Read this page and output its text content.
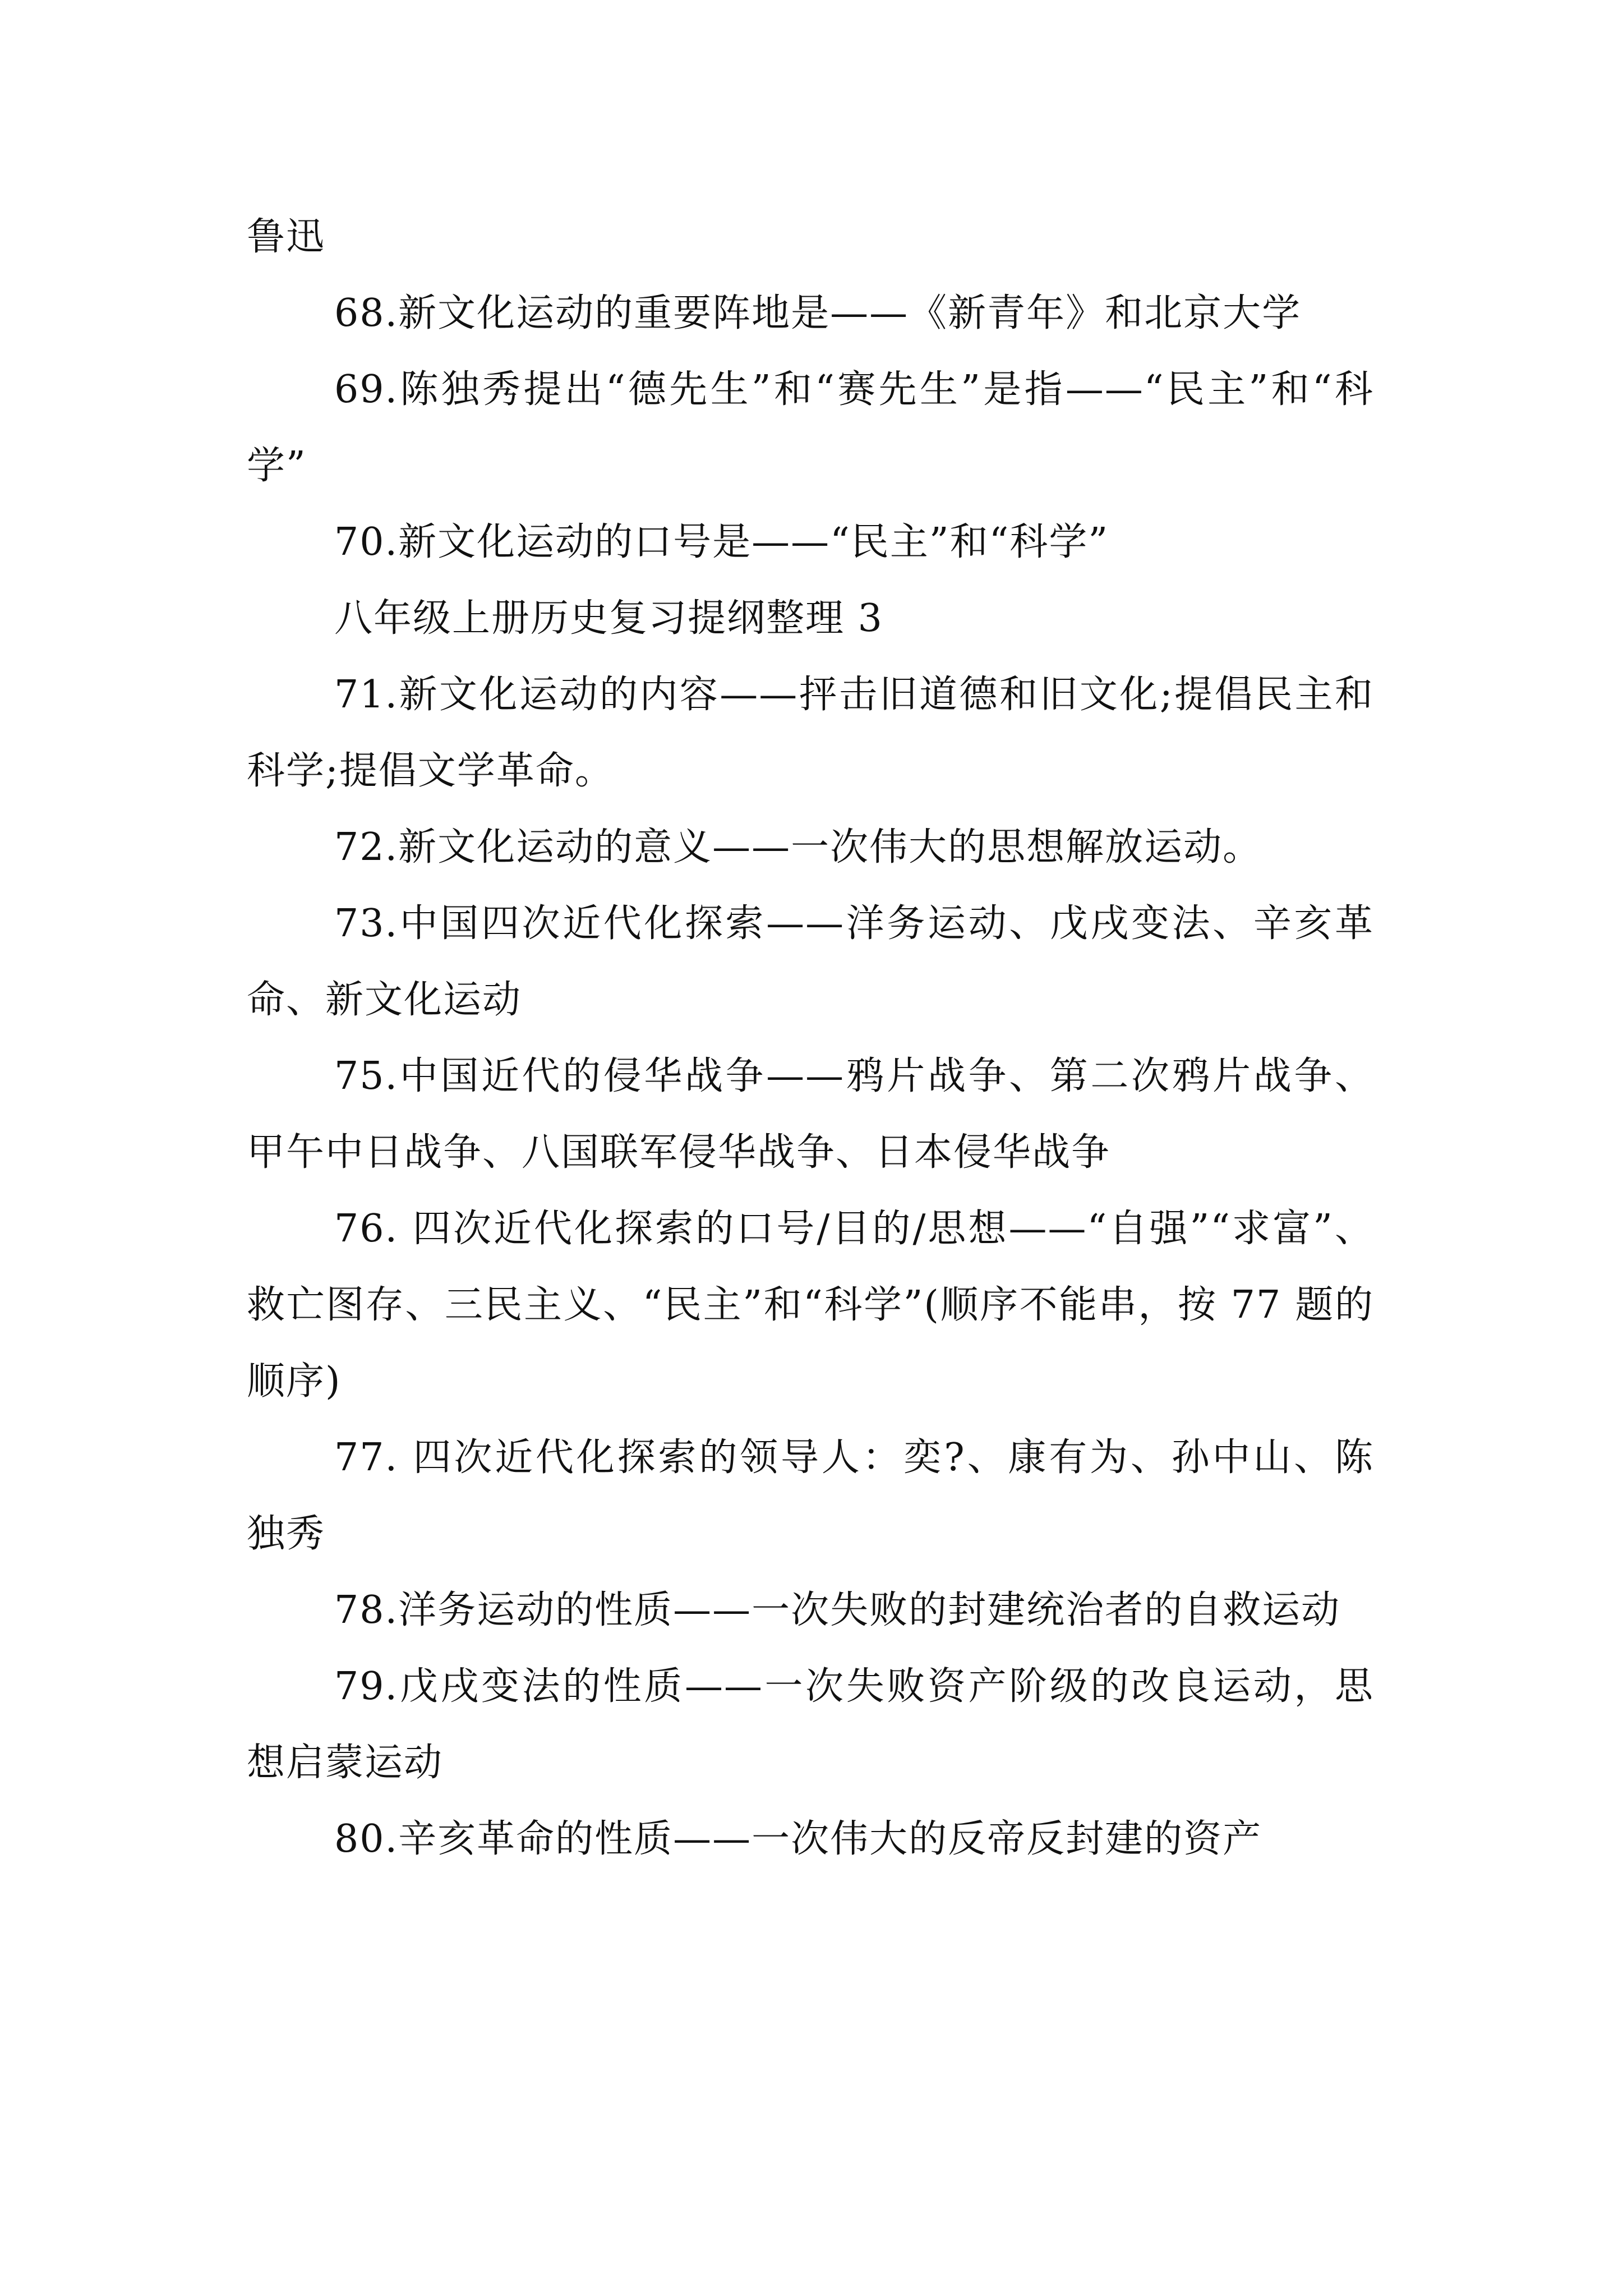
鲁迅

68.新文化运动的重要阵地是——《新青年》和北京大学

69.陈独秀提出“德先生”和“赛先生”是指——“民主”和“科学”

70.新文化运动的口号是——“民主”和“科学”

八年级上册历史复习提纲整理 3

71.新文化运动的内容——抨击旧道德和旧文化;提倡民主和科学;提倡文学革命。

72.新文化运动的意义——一次伟大的思想解放运动。

73.中国四次近代化探索——洋务运动、戊戌变法、辛亥革命、新文化运动

75.中国近代的侵华战争——鸦片战争、第二次鸦片战争、甲午中日战争、八国联军侵华战争、日本侵华战争

76. 四次近代化探索的口号/目的/思想——“自强”“求富”、救亡图存、三民主义、“民主”和“科学”(顺序不能串，按 77 题的顺序)

77. 四次近代化探索的领导人：奕?、康有为、孙中山、陈独秀

78.洋务运动的性质——一次失败的封建统治者的自救运动

79.戊戌变法的性质——一次失败资产阶级的改良运动，思想启蒙运动

80.辛亥革命的性质——一次伟大的反帝反封建的资产
